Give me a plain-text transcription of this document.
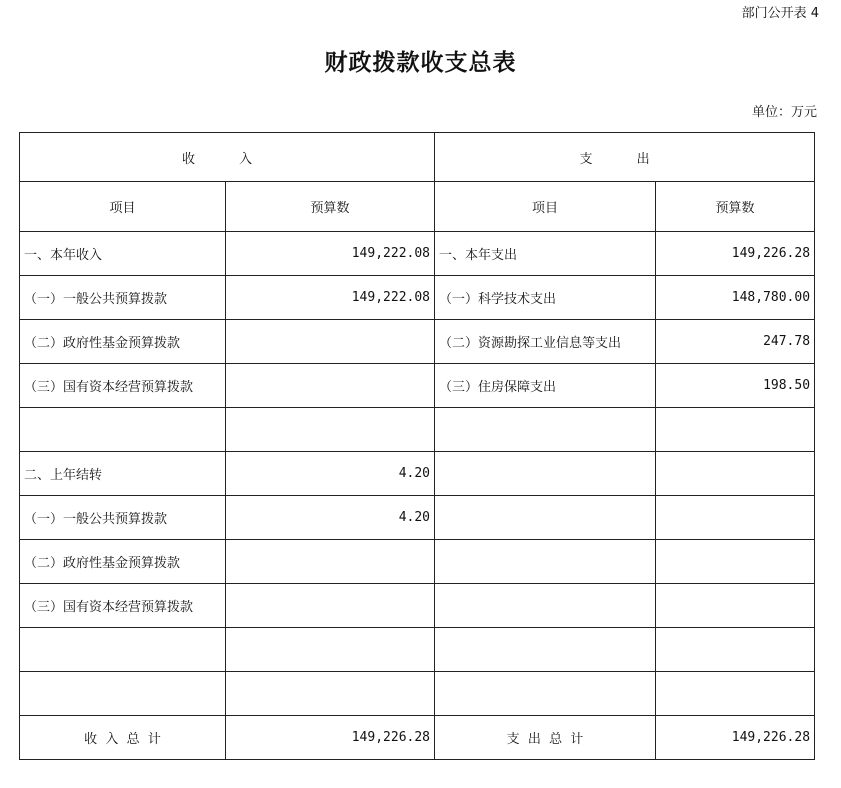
部门公开表 4
财政拨款收支总表
单位：万元
收 入		支 出	
项目	预算数	项目	预算数
一、本年收入	149,222.08	一、本年支出	149,226.28
（一）一般公共预算拨款	149,222.08	（一）科学技术支出	148,780.00
（二）政府性基金预算拨款		（二）资源勘探工业信息等支出	247.78
（三）国有资本经营预算拨款		（三）住房保障支出	198.50

二、上年结转	4.20		
（一）一般公共预算拨款	4.20		
（二）政府性基金预算拨款			
（三）国有资本经营预算拨款			

收  入  总  计	149,226.28	支  出  总  计	149,226.28
